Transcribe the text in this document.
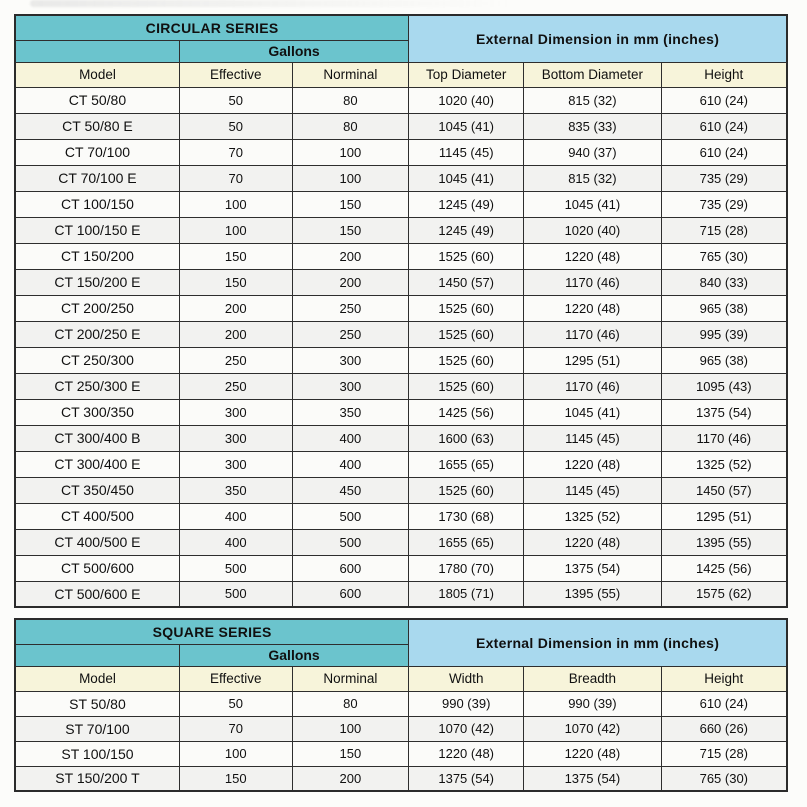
CIRCULAR SERIES			External Dimension in mm (inches)		
	Gallons				
Model	Effective	Norminal	Top Diameter	Bottom Diameter	Height
CT 50/80	50	80	1020 (40)	815 (32)	610 (24)
CT 50/80 E	50	80	1045 (41)	835 (33)	610 (24)
CT 70/100	70	100	1145 (45)	940 (37)	610 (24)
CT 70/100 E	70	100	1045 (41)	815 (32)	735 (29)
CT 100/150	100	150	1245 (49)	1045 (41)	735 (29)
CT 100/150 E	100	150	1245 (49)	1020 (40)	715 (28)
CT 150/200	150	200	1525 (60)	1220 (48)	765 (30)
CT 150/200 E	150	200	1450 (57)	1170 (46)	840 (33)
CT 200/250	200	250	1525 (60)	1220 (48)	965 (38)
CT 200/250 E	200	250	1525 (60)	1170 (46)	995 (39)
CT 250/300	250	300	1525 (60)	1295 (51)	965 (38)
CT 250/300 E	250	300	1525 (60)	1170 (46)	1095 (43)
CT 300/350	300	350	1425 (56)	1045 (41)	1375 (54)
CT 300/400 B	300	400	1600 (63)	1145 (45)	1170 (46)
CT 300/400 E	300	400	1655 (65)	1220 (48)	1325 (52)
CT 350/450	350	450	1525 (60)	1145 (45)	1450 (57)
CT 400/500	400	500	1730 (68)	1325 (52)	1295 (51)
CT 400/500 E	400	500	1655 (65)	1220 (48)	1395 (55)
CT 500/600	500	600	1780 (70)	1375 (54)	1425 (56)
CT 500/600 E	500	600	1805 (71)	1395 (55)	1575 (62)
SQUARE SERIES			External Dimension in mm (inches)		
	Gallons				
Model	Effective	Norminal	Width	Breadth	Height
ST 50/80	50	80	990 (39)	990 (39)	610 (24)
ST 70/100	70	100	1070 (42)	1070 (42)	660 (26)
ST 100/150	100	150	1220 (48)	1220 (48)	715 (28)
ST 150/200 T	150	200	1375 (54)	1375 (54)	765 (30)
